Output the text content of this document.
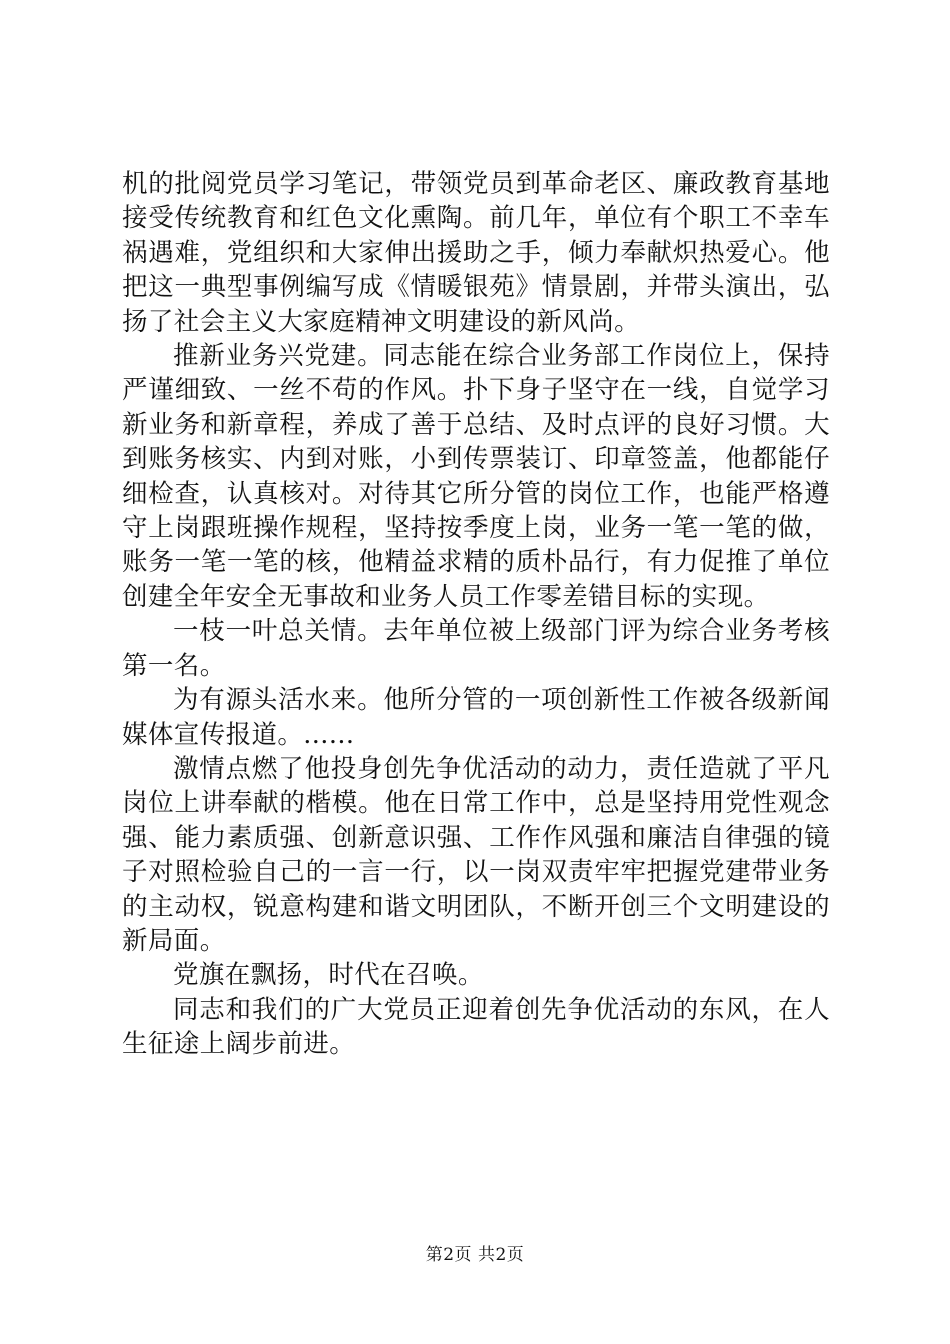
机的批阅党员学习笔记，带领党员到革命老区、廉政教育基地接受传统教育和红色文化熏陶。前几年，单位有个职工不幸车祸遇难，党组织和大家伸出援助之手，倾力奉献炽热爱心。他把这一典型事例编写成《情暖银苑》情景剧，并带头演出，弘扬了社会主义大家庭精神文明建设的新风尚。

推新业务兴党建。同志能在综合业务部工作岗位上，保持严谨细致、一丝不苟的作风。扑下身子坚守在一线，自觉学习新业务和新章程，养成了善于总结、及时点评的良好习惯。大到账务核实、内到对账，小到传票装订、印章签盖，他都能仔细检查，认真核对。对待其它所分管的岗位工作，也能严格遵守上岗跟班操作规程，坚持按季度上岗，业务一笔一笔的做，账务一笔一笔的核，他精益求精的质朴品行，有力促推了单位创建全年安全无事故和业务人员工作零差错目标的实现。

一枝一叶总关情。去年单位被上级部门评为综合业务考核第一名。

为有源头活水来。他所分管的一项创新性工作被各级新闻媒体宣传报道。......

激情点燃了他投身创先争优活动的动力，责任造就了平凡岗位上讲奉献的楷模。他在日常工作中，总是坚持用党性观念强、能力素质强、创新意识强、工作作风强和廉洁自律强的镜子对照检验自己的一言一行，以一岗双责牢牢把握党建带业务的主动权，锐意构建和谐文明团队，不断开创三个文明建设的新局面。

党旗在飘扬，时代在召唤。

同志和我们的广大党员正迎着创先争优活动的东风，在人生征途上阔步前进。

第2页 共2页
